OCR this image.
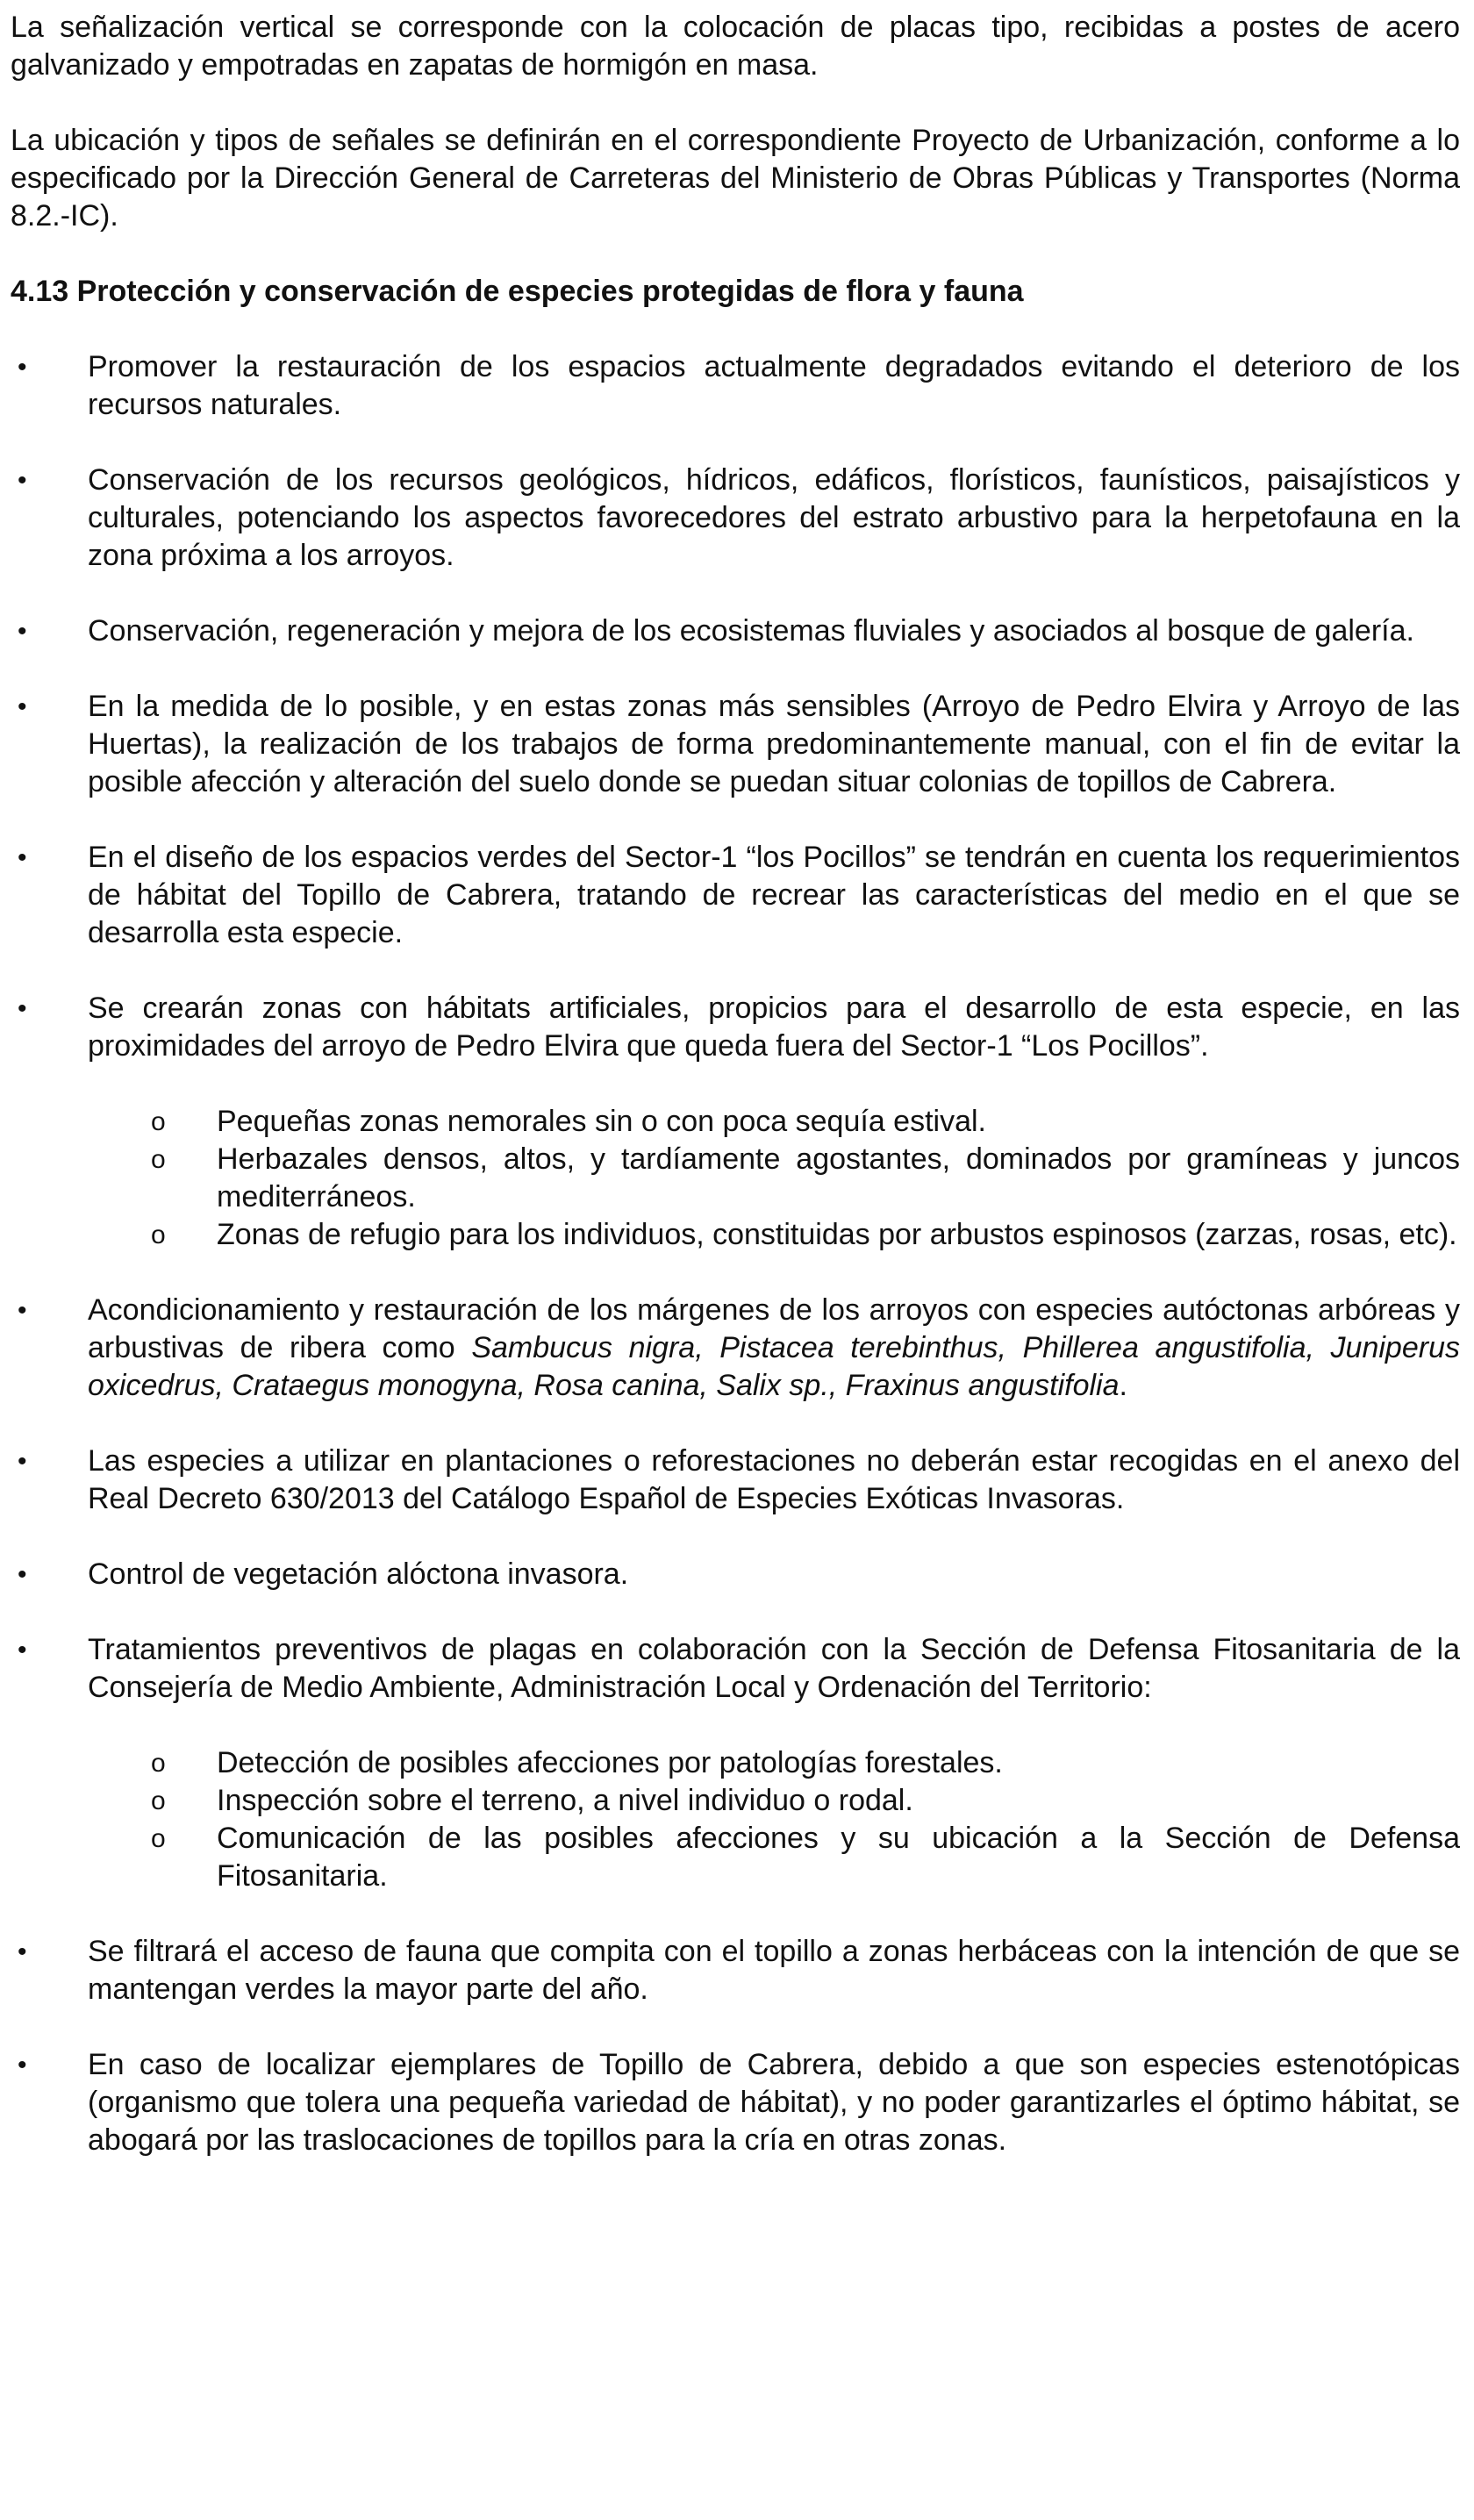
La señalización vertical se corresponde con la colocación de placas tipo, recibidas a postes de acero galvanizado y empotradas en zapatas de hormigón en masa.

La ubicación y tipos de señales se definirán en el correspondiente Proyecto de Urbanización, conforme a lo especificado por la Dirección General de Carreteras del Ministerio de Obras Públicas y Transportes (Norma 8.2.-IC).

4.13 Protección y conservación de especies protegidas de flora y fauna
• Promover la restauración de los espacios actualmente degradados evitando el deterioro de los recursos naturales.
• Conservación de los recursos geológicos, hídricos, edáficos, florísticos, faunísticos, paisajísticos y culturales, potenciando los aspectos favorecedores del estrato arbustivo para la herpetofauna en la zona próxima a los arroyos.
• Conservación, regeneración y mejora de los ecosistemas fluviales y asociados al bosque de galería.
• En la medida de lo posible, y en estas zonas más sensibles (Arroyo de Pedro Elvira y Arroyo de las Huertas), la realización de los trabajos de forma predominantemente manual, con el fin de evitar la posible afección y alteración del suelo donde se puedan situar colonias de topillos de Cabrera.
• En el diseño de los espacios verdes del Sector-1 “los Pocillos” se tendrán en cuenta los requerimientos de hábitat del Topillo de Cabrera, tratando de recrear las características del medio en el que se desarrolla esta especie.
• Se crearán zonas con hábitats artificiales, propicios para el desarrollo de esta especie, en las proximidades del arroyo de Pedro Elvira que queda fuera del Sector-1 “Los Pocillos”.
o Pequeñas zonas nemorales sin o con poca sequía estival.
o Herbazales densos, altos, y tardíamente agostantes, dominados por gramíneas y juncos mediterráneos.
o Zonas de refugio para los individuos, constituidas por arbustos espinosos (zarzas, rosas, etc).
• Acondicionamiento y restauración de los márgenes de los arroyos con especies autóctonas arbóreas y arbustivas de ribera como Sambucus nigra, Pistacea terebinthus, Phillerea angustifolia, Juniperus oxicedrus, Crataegus monogyna, Rosa canina, Salix sp., Fraxinus angustifolia.
• Las especies a utilizar en plantaciones o reforestaciones no deberán estar recogidas en el anexo del Real Decreto 630/2013 del Catálogo Español de Especies Exóticas Invasoras.
• Control de vegetación alóctona invasora.
• Tratamientos preventivos de plagas en colaboración con la Sección de Defensa Fitosanitaria de la Consejería de Medio Ambiente, Administración Local y Ordenación del Territorio:
o Detección de posibles afecciones por patologías forestales.
o Inspección sobre el terreno, a nivel individuo o rodal.
o Comunicación de las posibles afecciones y su ubicación a la Sección de Defensa Fitosanitaria.
• Se filtrará el acceso de fauna que compita con el topillo a zonas herbáceas con la intención de que se mantengan verdes la mayor parte del año.
• En caso de localizar ejemplares de Topillo de Cabrera, debido a que son especies estenotópicas (organismo que tolera una pequeña variedad de hábitat), y no poder garantizarles el óptimo hábitat, se abogará por las traslocaciones de topillos para la cría en otras zonas.
